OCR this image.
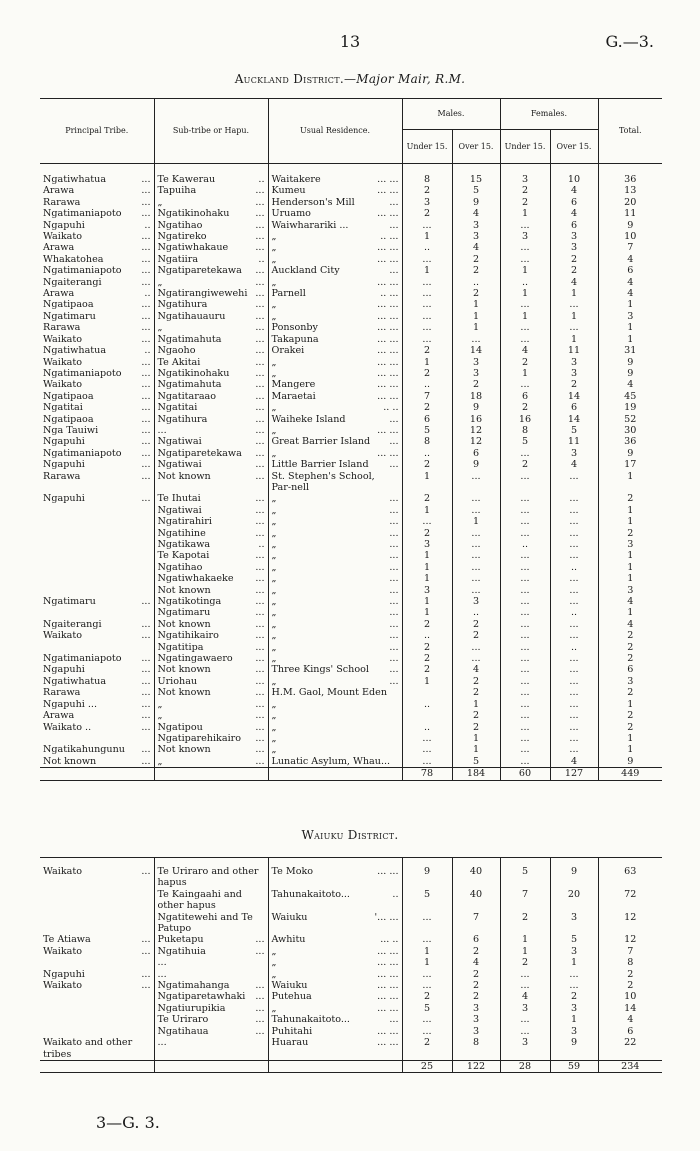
13	G.—3.
Auckland District.—Major Mair, R.M.
Principal Tribe.	Sub-tribe or Hapu.	Usual Residence.	Males.		Females.		Total.
			Under 15.	Over 15.	Under 15.	Over 15.	

Ngatiwhatua ...	Te Kawerau ..	Waitakere ... ...	8	15	3	10	36

Arawa ...	Tapuiha ...	Kumeu ... ...	2	5	2	4	13

Rarawa ...	„ ...	Henderson's Mill ...	3	9	2	6	20

Ngatimaniapoto ...	Ngatikinohaku ...	Uruamo ... ...	2	4	1	4	11

Ngapuhi ..	Ngatihao ...	Waiwharariki ... ...	...	3	...	6	9

Waikato ...	Ngatireko ...	„ .. ...	1	3	3	3	10

Arawa ...	Ngatiwhakaue ...	„ ... ...	..	4	...	3	7

Whakatohea ...	Ngatiira ..	„ ... ...	...	2	...	2	4

Ngatimaniapoto ...	Ngatiparetekawa ...	Auckland City ...	1	2	1	2	6

Ngaiterangi ...	„ ...	„ ... ...	...	..	..	4	4

Arawa ..	Ngatirangiwewehi ...	Parnell .. ...	...	2	1	1	4

Ngatipaoa ...	Ngatihura ...	„ ... ...	...	1	...	...	1

Ngatimaru ...	Ngatihauauru ...	„ ... ...	...	1	1	1	3

Rarawa ...	„ ...	Ponsonby ... ...	...	1	...	...	1

Waikato ...	Ngatimahuta ...	Takapuna ... ...	...	...	...	1	1

Ngatiwhatua ..	Ngaoho ...	Orakei ... ...	2	14	4	11	31

Waikato ...	Te Akitai ...	„ ... ...	1	3	2	3	9

Ngatimaniapoto ...	Ngatikinohaku ...	„ ... ...	2	3	1	3	9

Waikato ...	Ngatimahuta ...	Mangere ... ...	..	2	...	2	4

Ngatipaoa ...	Ngatitaraao ...	Maraetai ... ...	7	18	6	14	45

Ngatitai ...	Ngatitai ...	„ .. ..	2	9	2	6	19

Ngatipaoa ...	Ngatihura ...	Waiheke Island ...	6	16	16	14	52

Nga Tauiwi ...	... ...	„ ... ...	5	12	8	5	30

Ngapuhi ...	Ngatiwai ...	Great Barrier Island ...	8	12	5	11	36

Ngatimaniapoto ...	Ngatiparetekawa ...	„ ... ...	..	6	...	3	9

Ngapuhi ...	Ngatiwai ...	Little Barrier Island ...	2	9	2	4	17

Rarawa ...	Not known ...	St. Stephen's School, Par-nell	1	...	...	...	1

Ngapuhi ...	Te Ihutai ...	„ ...	2	...	...	...	2

	Ngatiwai ...	„ ...	1	...	...	...	1

	Ngatirahiri ...	„ ...	...	1	...	...	1

	Ngatihine ...	„ ...	2	...	...	...	2

	Ngatikawa ..	„ ...	3	...	..	...	3

	Te Kapotai ...	„ ...	1	...	...	...	1

	Ngatihao ...	„ ...	1	...	...	..	1

	Ngatiwhakaeke ...	„ ...	1	...	...	...	1

	Not known ...	„ ...	3	...	...	...	3

Ngatimaru ...	Ngatikotinga ...	„ ...	1	3	...	...	4

	Ngatimaru ...	„ ...	1	..	...	..	1

Ngaiterangi ...	Not known ...	„ ...	2	2	...	...	4

Waikato ...	Ngatihikairo ...	„ ...	..	2	...	...	2

	Ngatitipa ...	„ ...	2	...	...	..	2

Ngatimaniapoto ...	Ngatingawaero ...	„ ...	2	...	...	...	2

Ngapuhi ...	Not known ...	Three Kings' School ...	2	4	...	...	6

Ngatiwhatua ...	Uriohau ...	„ ...	1	2	...	...	3

Rarawa ...	Not known ...	H.M. Gaol, Mount Eden		2	...	...	2

Ngapuhi ... ...	„ ...	„	..	1	...	...	1

Arawa ...	„ ...	„		2	...	...	2

Waikato .. ...	Ngatipou ...	„	..	2	...	...	2

	Ngatiparehikairo ...	„	...	1	...	...	1

Ngatikahungunu ...	Not known ...	„	...	1	...	...	1

Not known ...	„ ...	Lunatic Asylum, Whau...	...	5	...	4	9
			78	184	60	127	449
Waiuku District.

Waikato ...	Te Uriraro and other hapus	Te Moko ... ...	9	40	5	9	63

	Te Kaingaahi and other hapus	Tahunakaitoto... ..	5	40	7	20	72

	Ngatitewehi and Te Patupo	Waiuku '... ...	...	7	2	3	12

Te Atiawa ...	Puketapu ...	Awhitu ... ..	...	6	1	5	12

Waikato ...	Ngatihuia ...	„ ... ...	1	2	1	3	7

	...	„ ... ...	1	4	2	1	8

Ngapuhi ...	...	„ ... ...	...	2	...	...	2

Waikato ...	Ngatimahanga ...	Waiuku ... ...	...	2	...	...	2

	Ngatiparetawhaki ...	Putehua ... ...	2	2	4	2	10

	Ngatiurupikia ...	„ ... ...	5	3	3	3	14

	Te Uriraro ...	Tahunakaitoto... ...	...	3	...	1	4

	Ngatihaua ...	Puhitahi ... ...	...	3	...	3	6

Waikato and other tribes	...	Huarau ... ...	2	8	3	9	22
			25	122	28	59	234
3—G. 3.
